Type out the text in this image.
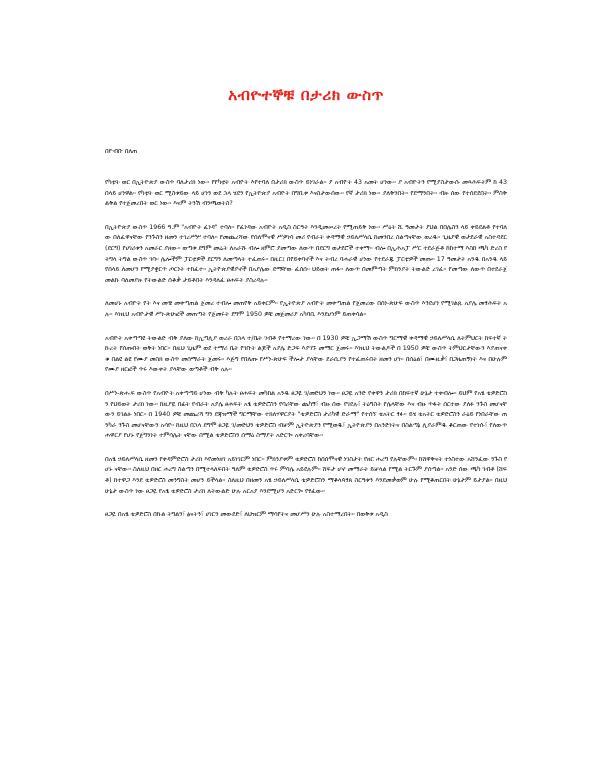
አብዮተኞቹ በታሪክ ውስጥ
በዮብቡ በለጠ

የካቲት ወር በኢትዮጵያ ውስጥ ባለታሪክ ነው። የየካቲት አብዮት እየተባለ በታሪክ ውስጥ ይነገራል። ያ አብዮት 43 አመት ሆነው። ያ አብዮትን የሚያስታውሱ መጻሕፍትም ከ 43 በላይ ሆነዋል። የካቲት ወር ሚስቱይው ላይ ሆነን ወደ ኋላ ሄደን የኢትዮጵያ አብዮት በግቢቱ እናስታውሰው። የኛ ታሪክ ነው። ያለቅንበት። የደማንበት። ብዙ ሰው የተሰደደበት። ምስቅልቅል የተጀመረበት ወር ነው። እናም ትንሽ ብንጫወትስ?

በኢትዮጵያ ውስጥ 1966 ዓ.ም "አብዮት ፈነዳ" ተባለ። የፈነዳው አብዮት አዲስ ስርዓት እንዲመሠረት የሚጠይቅ ነው። ሥዕት ሺ ዓመታት ያህል በበሌስን ላይ ቀይደልቶ የተባለው በለፈዋናቸው የንጉስን ዘመን ተገረሥሦ ተባለ። የመጨረሻው የሰለሞናዊ ሥዎነሳ መሪ የብራት ቀዳማዊ ኃይለሥላሴ ከመንበረ ስልጣናቸው ወረዱ። ጊዜያዊ ወታደራዊ አስተዳደር (ደርግ) የሀገሪቱን አመራር ያዘው። ወጣቱ ደግም መሬት ለአራሹ ብሎ ዘምሮ ያመጣው ለውጥ በደርግ ወታደሮች ተቀማ። ብሎ በኢሕአፓ ሥር ተደራጅቶ ከከተማ እስከ ጫካ ድረስ የትግላ ትግል ውስጥ ገባ። ሌሎችም ፓርቲዎች ደርግን ለመጣላት ተፈጠሩ። በዚር፤ በየይቀባኖች እና ትብረ ባሐራዊ ሆነው የተደራጁ ፓርቲዎች መጡ። 17 ዓመታት አንዱ በአንዱ ላይ የሰላይ ለመሆን የሚያቋርጥ ጦርነት ተከፈተ። ኢትዮጵያዊያኖች በአያሌው ደማቸው ፈሰሰ። ህይወት ጠፋ። ለውጥ በመምጣት ምክንያት ትውልድ ረገፈ። የመጣው ለውጥ በተደራጀ መልኩ ባለመያዙ የትውልድ ሰቆቃ ታይቶበት እንዳለፈ ፀሐፍት ያስረዳሉ።

ለመሆኑ አብዮት የት እና መቼ መቀጣጠል ጀመረ ተብሎ መጠየቅ አይቀርም። የኢትዮጵያ አብዮት መቀጣጠል የጀመረው በሰነ-ጽሁፍ ውስጥ እንደሆነ የሚገልጹ አያሌ መፃሕፍት አሉ። እነዚህ አብዮታዊ ሥነ-ጽሁፎች መጠጣት የጀመሩት ደግሞ 1950 ዎቹ መጀመሪያ አካባቢ እንደሆነም ይጠቀሳል።

አብዮት አቀጣጣዩ ትውልድ ብቅ ያለው ከኢጣሊያ ወረራ በኋላ ተ/ቤት ገብቶ የተማረው ነው። በ 1930 ዎቹ ኢጋማሽ ውስጥ ግርማዊ ቀዳማዊ ኃይለሥላሴ ለትምህርት ከፍተኛ ትኩረት የሰጡበት ወቅት ነበር። በዚህ ጊዜም ወደ ተማሪ ቤት የገቡት ልጆች አያሌ ድጋፍ እያገኙ መማር ጀመሩ። እነዚህ ትውልዶች በ 1950 ዎቹ ውስጥ ትምህርታቸውን እያጠናቀቁ በልዩ ልዩ የሙያ መስክ ውስጥ መሰማራት ጀመሩ። እጅግ የበለጡ የሥነ-ጽሁፍ ችሎታ ያላቸው ደራሲያን የተፈጠሩበት ዘመን ሆነ። በሰዕል፣ በሙዚቃ፣ በጋዜጠኝነት እና በሁሉም የሙያ ዘርፎች ጥሩ እውቀት ያላቸው ወጣቶች ብቅ አሉ።

በሥነ-ጽሑፍ ውስጥ የአብዮት አቀጣጣይ ሆነው ብቅ ካሉት ፀሐፍት መካከል አንዱ ፀጋዬ ገ/መድህን ነው። ፀጋዬ አንድ የቀዋን ታሪክ በከፍተኛ ሁኔታ ተቀብሎ። ይህም የአፄ ቴዎድሮስን የህይወት ታሪክ ነው። ከዚያዬ በፊት የብራት አያሌ ፀሐፍት አፄ ቴዎድሮስን የባሪቸው ጨካኝ፣ ብዙ ሰው የገደሉ፣ ትዕግስት የሌላቸው እና ብዙ ጥፋት ሰርተው ያለፉ ንጉስ መሆናቸውን ይገልፁ ነበር። በ 1940 ዎቹ መጨረሻ ግን ደጃዝማች ግርማቸው ተክለሃዋርያት "ቴዎድሮስ ታሪካዊ ድራማ" የተሰኘ ቴአትር ፃፉ። ይሄ ቴአትር ቴዎድሮስን ራዕይ የነበራቸው ጠንካራ ንጉስ መሆናቸውን አሳየ። ከዚህ በኋላ ደግሞ ፀጋዬ ገ/መድህን ቴዎድሮስ ብቻም ኢትዮጵያን የሚወዱ፣ ኢትዮጵያን በአንድነትና በስልጣኔ ሊያራምዱ ቆርጠው የተነሱ፣ የለውጥ ሐዋርያ የሆኑ የጀግንነት ተምሳሌት ናቸው በሚል ቴዎድሮስን ሰማዕ ስማያት አድርጐ አቀረባቸው።

በአፄ ኃይለሥላሴ ዘመን የቀዳምድሮስ ታሪክ እየመነዘገ አይነገርም ነበር። ምክንያቱም ቴዎድሮስ ከሰሰሞናዊ ነገስታት የዘር ሐረግ የሉቸውም። ከሸዋቅናት ተነስተው አሸንፈው ንጉስ የሆኑ ናቸው። ስለዚህ በዘር ሐረግ ስልጣን በሚተላለፍበት ዓለም ቴዎድሮስ ጥሩ ምሳሌ አይደሉም። ሸፍታ ሆኖ መማራት ይቻላል የሚል ትርጉም ያሰጣል። አንድ ሰው ጫካ ገብቶ (ሸፍቶ) ከተዋጋ እንደ ቴዎድሮስ መንግስት መሆን ይችላል። ስለዚህ በዘመን አፄ ኃይለሥላሴ ቴዎድሮስን ማቆላጳፃጸ ስርዓቱን እንደመቃወም ሁሉ የሚቆጠርበት ሁኔታም ይታያል። በዚህ ሁኔታ ውስጥ ነው ፀጋዬ የአፄ ቴዎድሮስ ታሪክ ለትውልድ ሁሉ አርአያ እንደሚሆን አድርጐ የፃፈው።

ፀጋዬ በአፄ ቴዎድሮስ በኩል ትግልን፣ ፅናትን፣ ሀገርን መውደድ፣ ለህዝርም ማሳየትና መሆሥን ሁሉ አስተማረበት። በወቅቱ አዲስ
